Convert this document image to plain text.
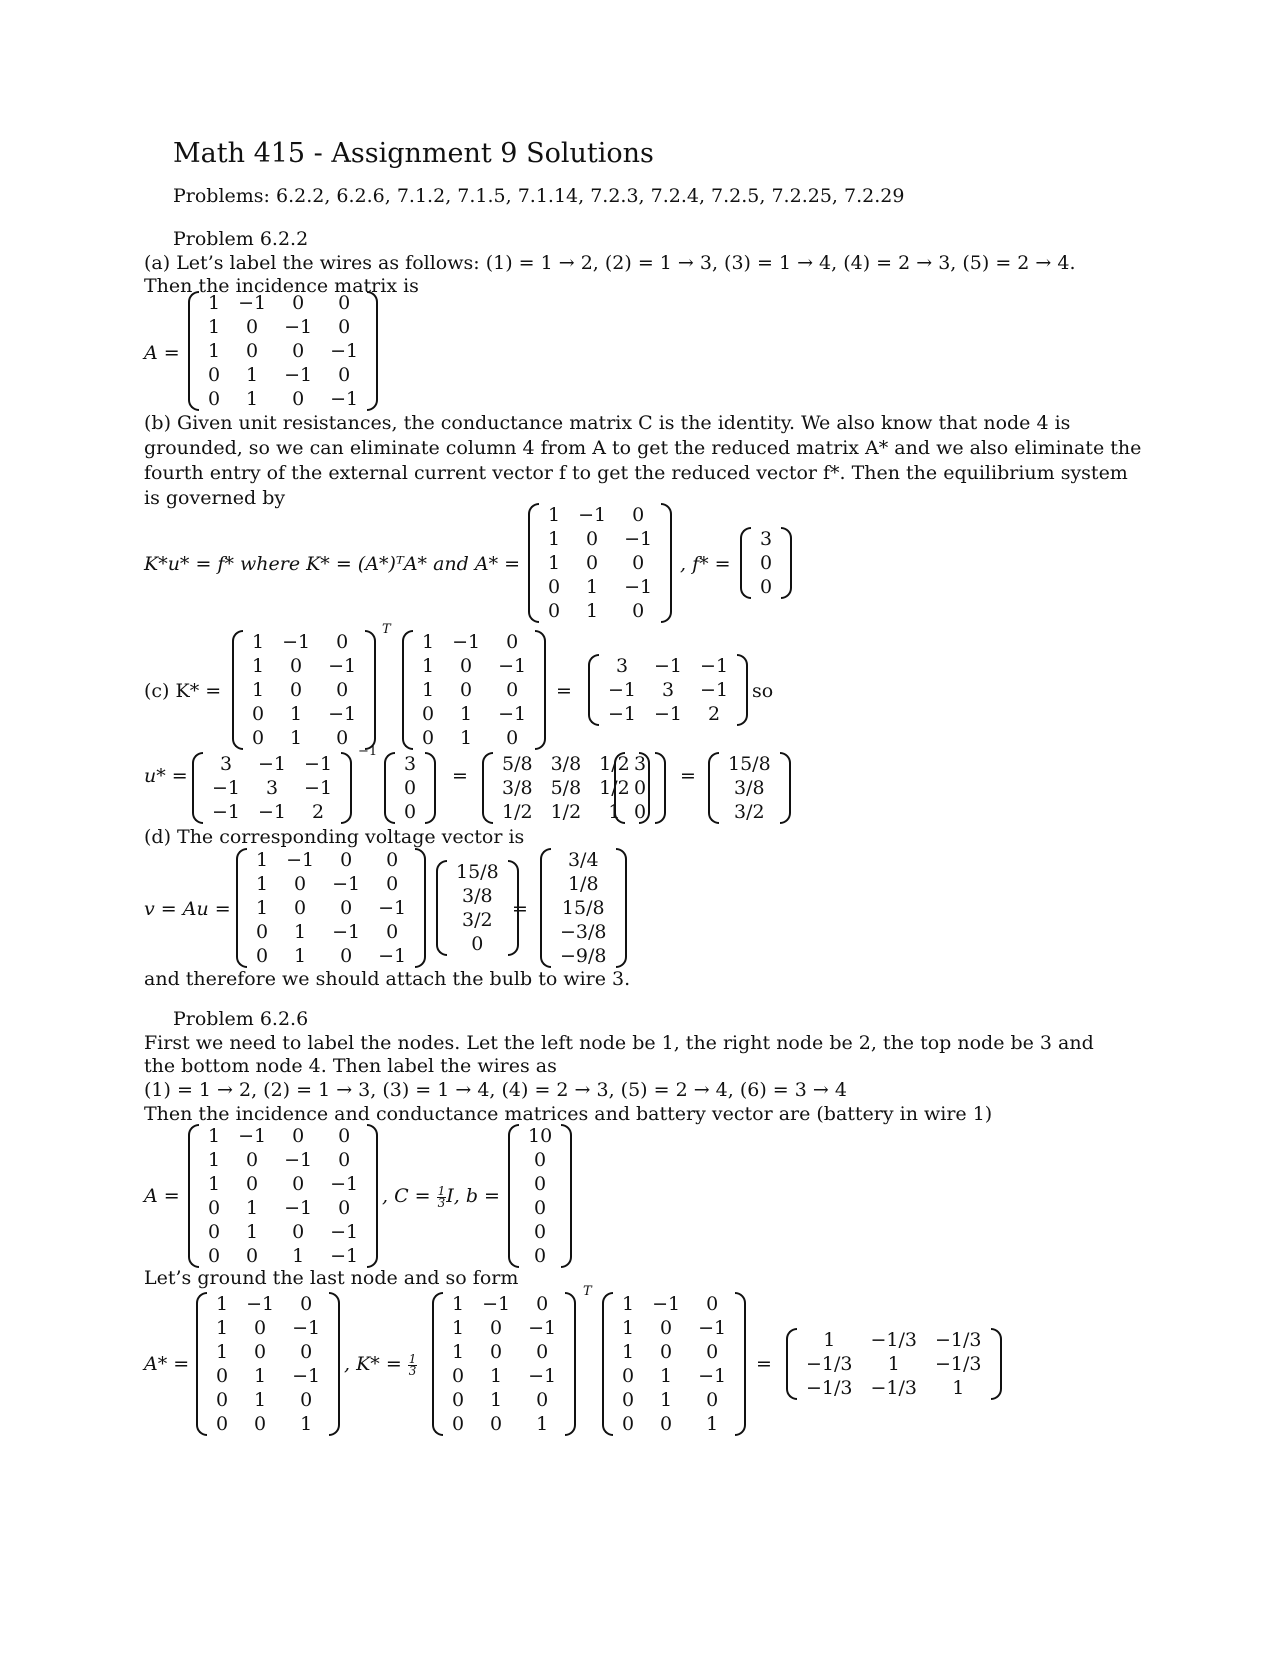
Math 415 - Assignment 9 Solutions
Problems: 6.2.2, 6.2.6, 7.1.2, 7.1.5, 7.1.14, 7.2.3, 7.2.4, 7.2.5, 7.2.25, 7.2.29
Problem 6.2.2
(a) Let’s label the wires as follows: (1) = 1 → 2, (2) = 1 → 3, (3) = 1 → 4, (4) = 2 → 3, (5) = 2 → 4.
Then the incidence matrix is
A =
1	−1	0	0
1	0	−1	0
1	0	0	−1
0	1	−1	0
0	1	0	−1
(b) Given unit resistances, the conductance matrix C is the identity. We also know that node 4 is grounded, so we can eliminate column 4 from A to get the reduced matrix A* and we also eliminate the fourth entry of the external current vector f to get the reduced vector f*. Then the equilibrium system is governed by
K*u* = f* where K* = (A*)ᵀA* and A* =
1	−1	0
1	0	−1
1	0	0
0	1	−1
0	1	0
, f* =
3
0
0
(c) K* =
1	−1	0
1	0	−1
1	0	0
0	1	−1
0	1	0
T
1	−1	0
1	0	−1
1	0	0
0	1	−1
0	1	0
=
3	−1	−1
−1	3	−1
−1	−1	2
so
u* =
3	−1	−1
−1	3	−1
−1	−1	2
−1
3
0
0
=
5/8	3/8	1/2
3/8	5/8	1/2
1/2	1/2	1
3
0
0
=
15/8
3/8
3/2
(d) The corresponding voltage vector is
v = Au =
1	−1	0	0
1	0	−1	0
1	0	0	−1
0	1	−1	0
0	1	0	−1
15/8
3/8
3/2
0
=
3/4
1/8
15/8
−3/8
−9/8
and therefore we should attach the bulb to wire 3.
Problem 6.2.6
First we need to label the nodes. Let the left node be 1, the right node be 2, the top node be 3 and
the bottom node 4. Then label the wires as
(1) = 1 → 2, (2) = 1 → 3, (3) = 1 → 4, (4) = 2 → 3, (5) = 2 → 4, (6) = 3 → 4
Then the incidence and conductance matrices and battery vector are (battery in wire 1)
A =
1	−1	0	0
1	0	−1	0
1	0	0	−1
0	1	−1	0
0	1	0	−1
0	0	1	−1
, $C = \frac{1}{3} I$, b =
10
0
0
0
0
0
Let’s ground the last node and so form
A* =
1	−1	0
1	0	−1
1	0	0
0	1	−1
0	1	0
0	0	1
, $K* = \frac{1}{3}$
1	−1	0
1	0	−1
1	0	0
0	1	−1
0	1	0
0	0	1
T
1	−1	0
1	0	−1
1	0	0
0	1	−1
0	1	0
0	0	1
=
1	−1/3	−1/3
−1/3	1	−1/3
−1/3	−1/3	1
